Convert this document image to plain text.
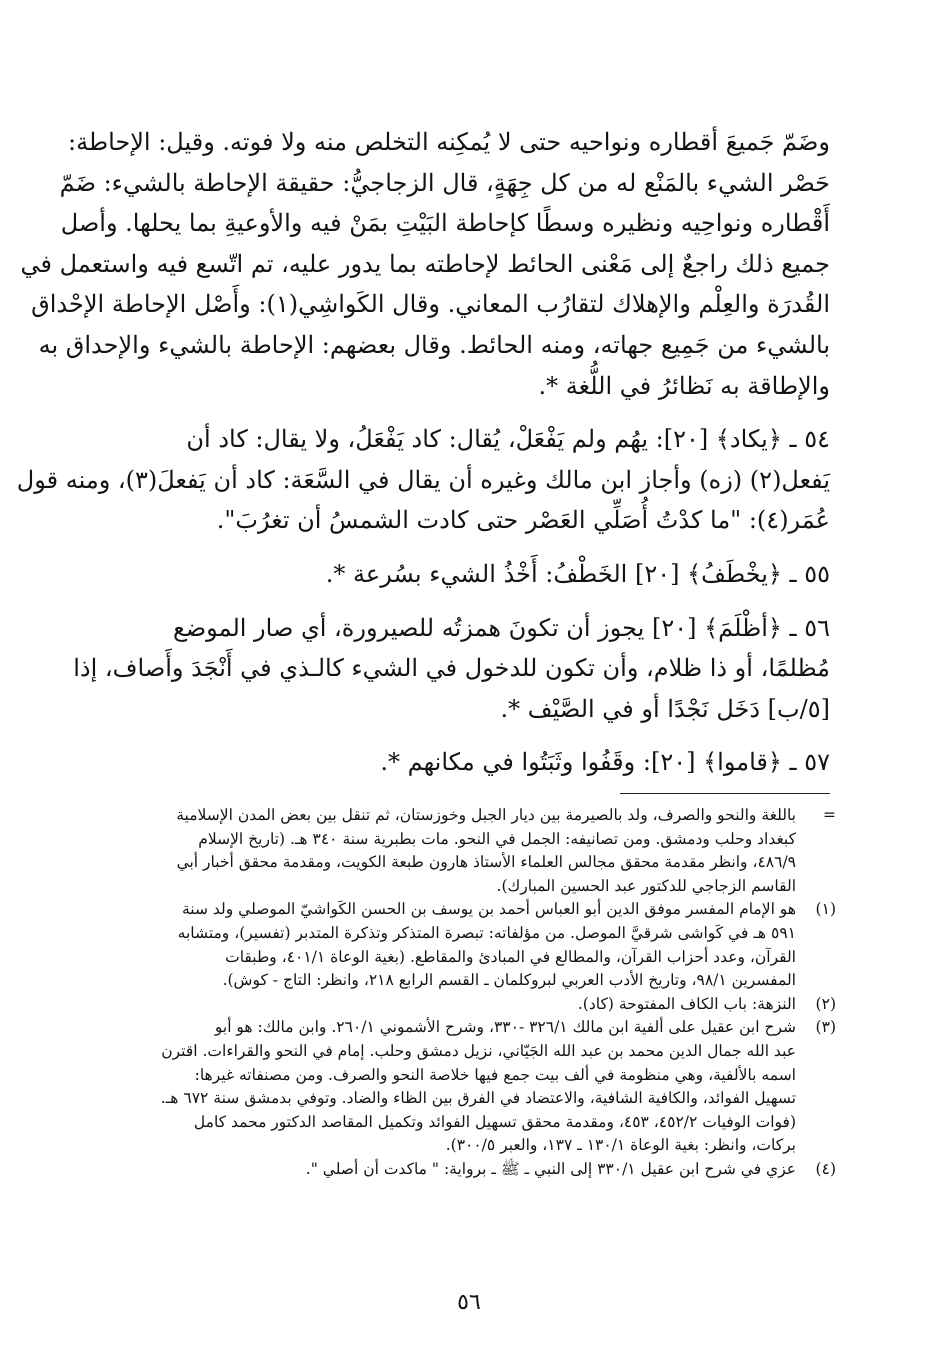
وضَمّ جَميعَ أقطاره ونواحيه حتى لا يُمكِنه التخلص منه ولا فوته. وقيل: الإحاطة:
حَصْر الشيء بالمَنْع له من كل جِهَةٍ، قال الزجاجيُّ: حقيقة الإحاطة بالشيء: ضَمّ
أَقْطاره ونواحِيه ونظيره وسطًا كإحاطة البَيْتِ بمَنْ فيه والأوعيةِ بما يحلها. وأصل
جميع ذلك راجعٌ إلى مَعْنى الحائط لإحاطته بما يدور عليه، تم اتّسع فيه واستعمل في
القُدرَة والعِلْم والإهلاك لتقارُب المعاني. وقال الكَواشِي(١): وأَصْل الإحاطة الإحْداق
بالشيء من جَمِيع جهاته، ومنه الحائط. وقال بعضهم: الإحاطة بالشيء والإحداق به
والإطاقة به نَظائرُ في اللُّغة *.
٥٤ ـ ﴿يكاد﴾ [٢٠]: يهُم ولم يَفْعَلْ، يُقال: كاد يَفْعَلُ، ولا يقال: كاد أن
يَفعل(٢) (زه) وأجاز ابن مالك وغيره أن يقال في السَّعَة: كاد أن يَفعلَ(٣)، ومنه قول
عُمَر(٤): "ما كدْتُ أُصَلِّي العَصْر حتى كادت الشمسُ أن تغرُبَ".
٥٥ ـ ﴿يخْطَفُ﴾ [٢٠] الخَطْفُ: أَخْذُ الشيء بسُرعة *.
٥٦ ـ ﴿أظْلَمَ﴾ [٢٠] يجوز أن تكونَ همزتُه للصيرورة، أي صار الموضع
مُظلمًا، أو ذا ظلام، وأن تكون للدخول في الشيء كالـذي في أَنْجَدَ وأَصاف، إذا
[٥/ب] دَخَل نَجْدًا أو في الصَّيْف *.
٥٧ ـ ﴿قاموا﴾ [٢٠]: وقَفُوا وثَبَتُوا في مكانهم *.
=
باللغة والنحو والصرف، ولد بالصيرمة بين ديار الجبل وخوزستان، ثم تنقل بين بعض المدن الإسلامية
كبغداد وحلب ودمشق. ومن تصانيفه: الجمل في النحو. مات بطبرية سنة ٣٤٠ هـ. (تاريخ الإسلام
٤٨٦/٩، وانظر مقدمة محقق مجالس العلماء الأستاذ هارون طبعة الكويت، ومقدمة محقق أخبار أبي
القاسم الزجاجي للدكتور عبد الحسين المبارك).
(١)
هو الإمام المفسر موفق الدين أبو العباس أحمد بن يوسف بن الحسن الكَواشيّ الموصلي ولد سنة
٥٩١ هـ في كَواشى شرقيَّ الموصل. من مؤلفاته: تبصرة المتذكر وتذكرة المتدبر (تفسير)، ومتشابه
القرآن، وعدد أحزاب القرآن، والمطالع في المبادئ والمقاطع. (بغية الوعاة ٤٠١/١، وطبقات
المفسرين ٩٨/١، وتاريخ الأدب العربي لبروكلمان ـ القسم الرابع ٢١٨، وانظر: التاج - كوش).
(٢)
النزهة: باب الكاف المفتوحة (كاد).
(٣)
شرح ابن عقيل على ألفية ابن مالك ٣٢٦/١ -٣٣٠، وشرح الأشموني ٢٦٠/١. وابن مالك: هو أبو
عبد الله جمال الدين محمد بن عبد الله الجَيّاني، نزيل دمشق وحلب. إمام في النحو والقراءات. اقترن
اسمه بالألفية، وهي منظومة في ألف بيت جمع فيها خلاصة النحو والصرف. ومن مصنفاته غيرها:
تسهيل الفوائد، والكافية الشافية، والاعتضاد في الفرق بين الظاء والضاد. وتوفي بدمشق سنة ٦٧٢ هـ.
(فوات الوفيات ٤٥٢/٢، ٤٥٣، ومقدمة محقق تسهيل الفوائد وتكميل المقاصد الدكتور محمد كامل
بركات، وانظر: بغية الوعاة ١٣٠/١ ـ ١٣٧، والعبر ٣٠٠/٥).
(٤)
عزي في شرح ابن عقيل ٣٣٠/١ إلى النبي ـ ﷺ ـ برواية: " ماكدت أن أصلي ".
٥٦
